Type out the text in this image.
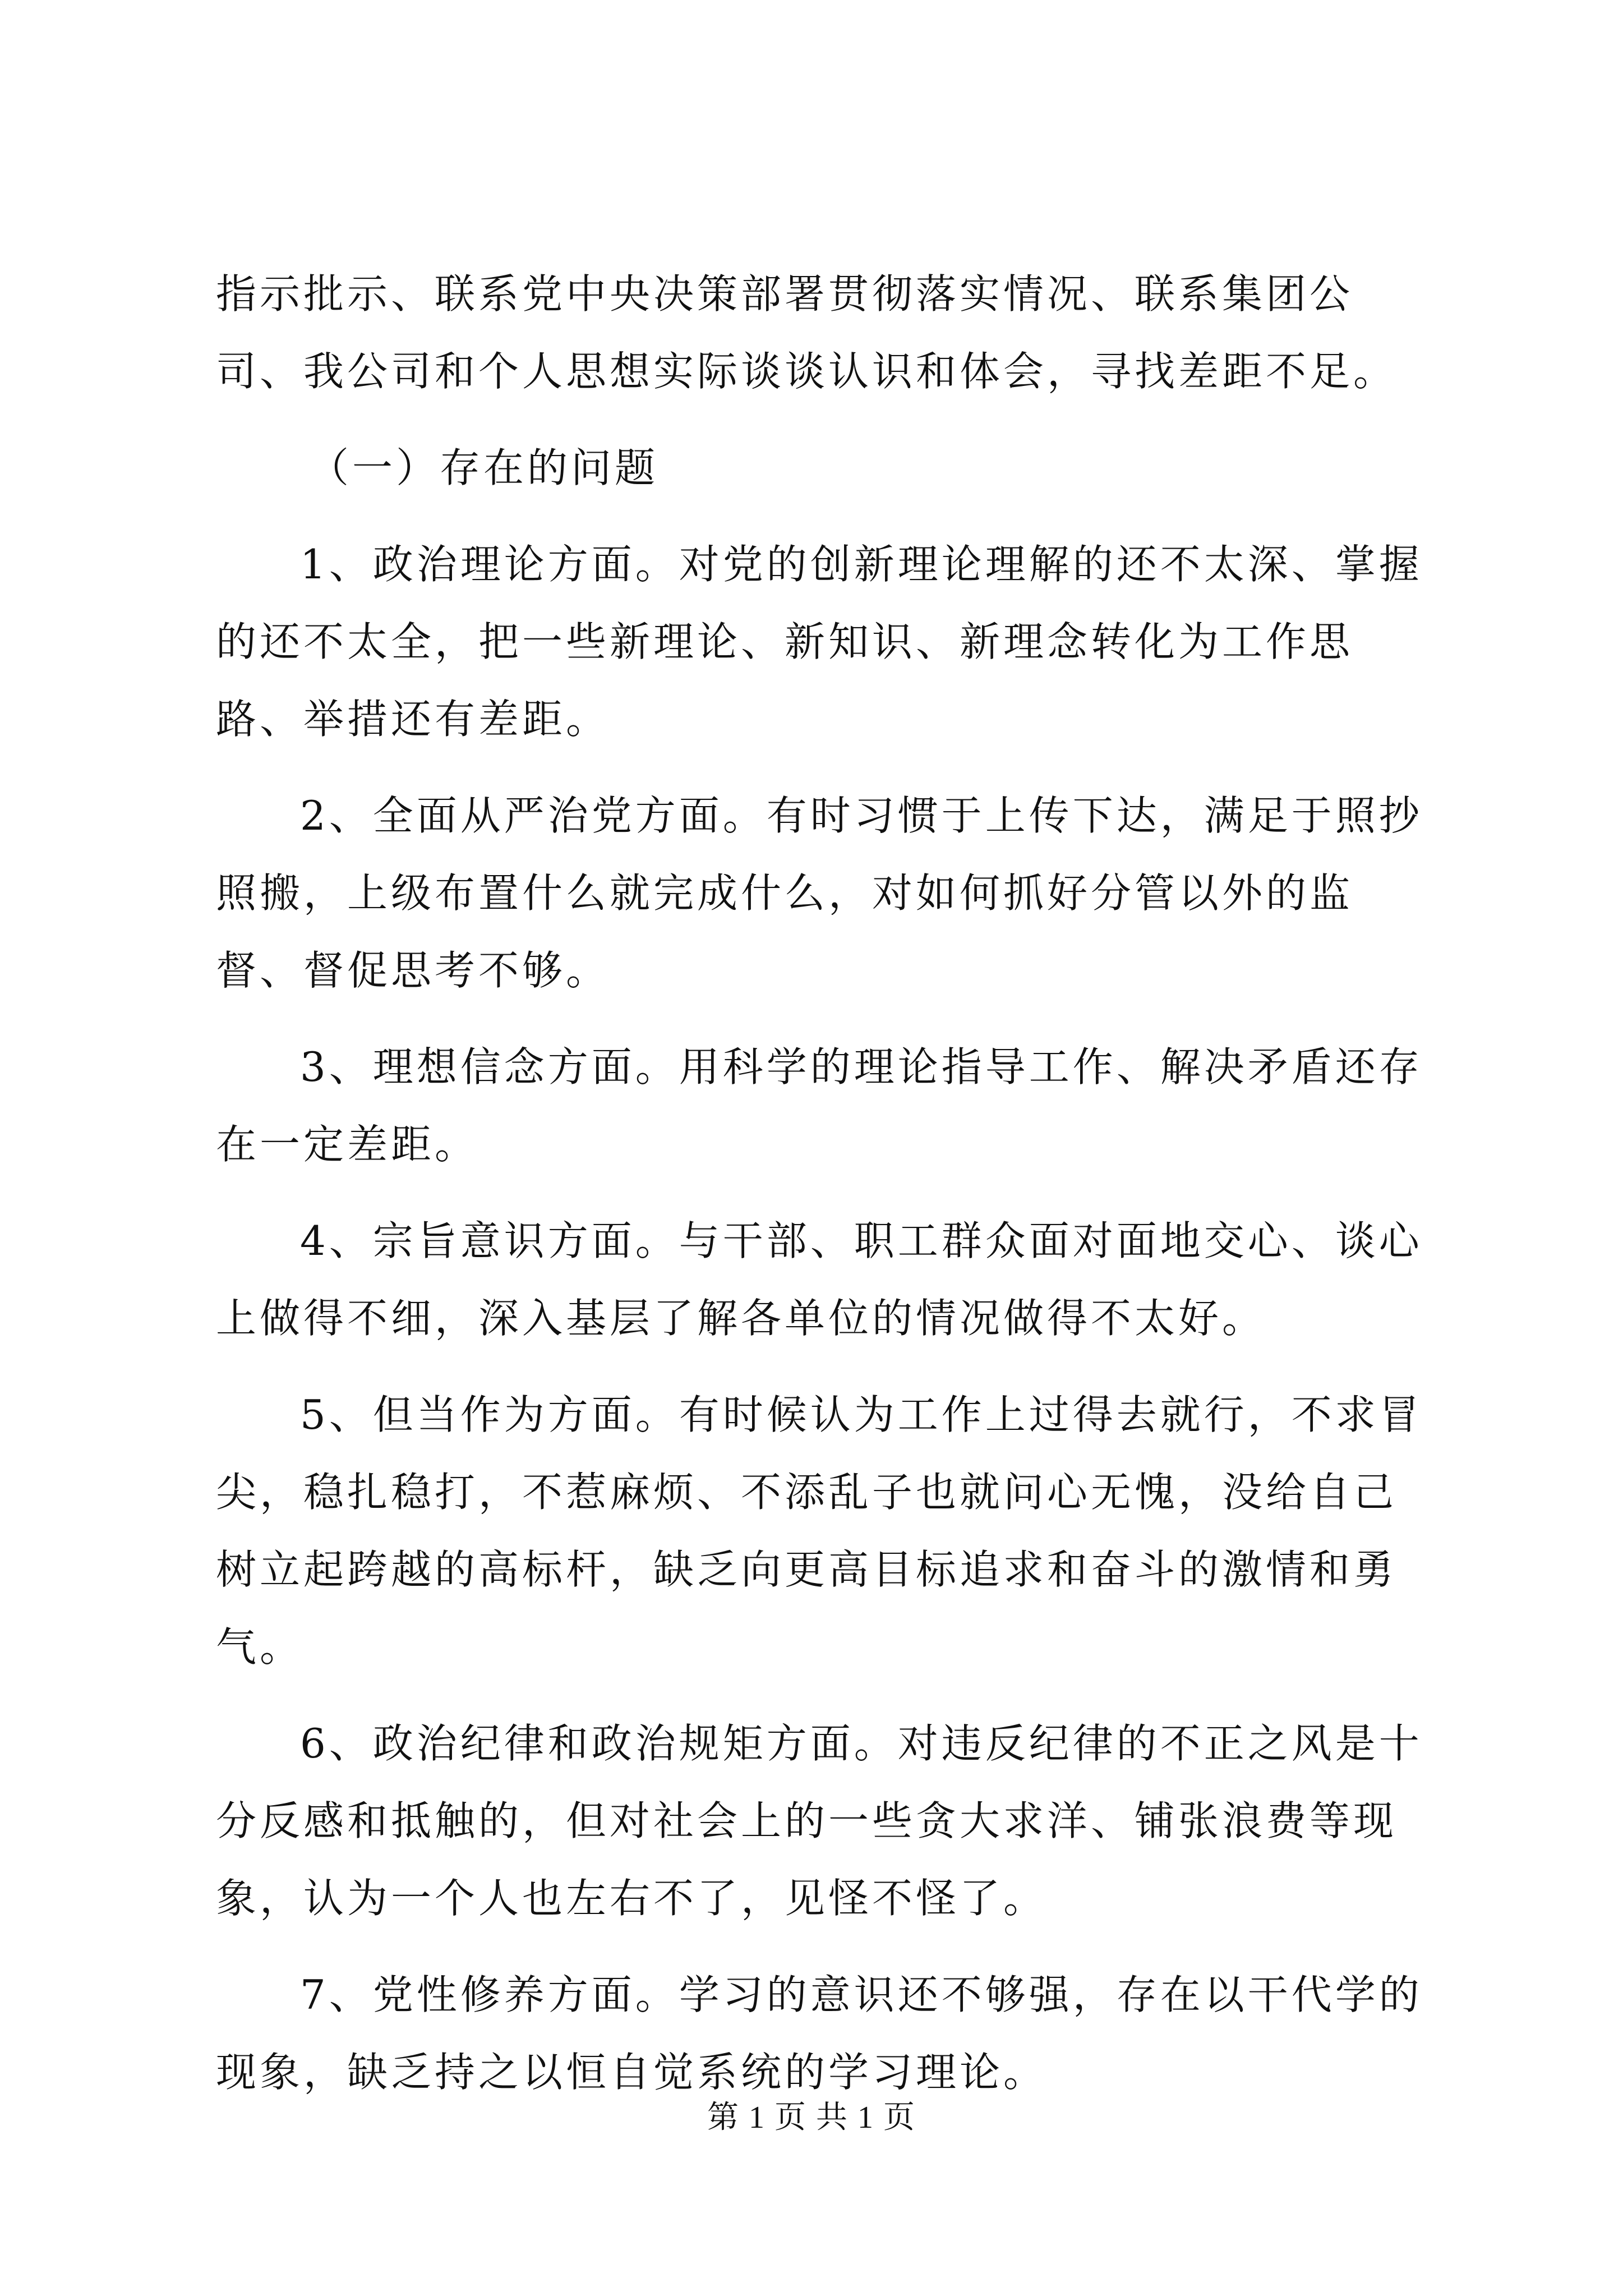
指示批示、联系党中央决策部署贯彻落实情况、联系集团公司、我公司和个人思想实际谈谈认识和体会，寻找差距不足。

（一）存在的问题

1、政治理论方面。对党的创新理论理解的还不太深、掌握的还不太全，把一些新理论、新知识、新理念转化为工作思路、举措还有差距。

2、全面从严治党方面。有时习惯于上传下达，满足于照抄照搬，上级布置什么就完成什么，对如何抓好分管以外的监督、督促思考不够。

3、理想信念方面。用科学的理论指导工作、解决矛盾还存在一定差距。

4、宗旨意识方面。与干部、职工群众面对面地交心、谈心上做得不细，深入基层了解各单位的情况做得不太好。

5、但当作为方面。有时候认为工作上过得去就行，不求冒尖，稳扎稳打，不惹麻烦、不添乱子也就问心无愧，没给自己树立起跨越的高标杆，缺乏向更高目标追求和奋斗的激情和勇气。

6、政治纪律和政治规矩方面。对违反纪律的不正之风是十分反感和抵触的，但对社会上的一些贪大求洋、铺张浪费等现象，认为一个人也左右不了，见怪不怪了。

7、党性修养方面。学习的意识还不够强，存在以干代学的现象，缺乏持之以恒自觉系统的学习理论。

第 1 页 共 1 页
